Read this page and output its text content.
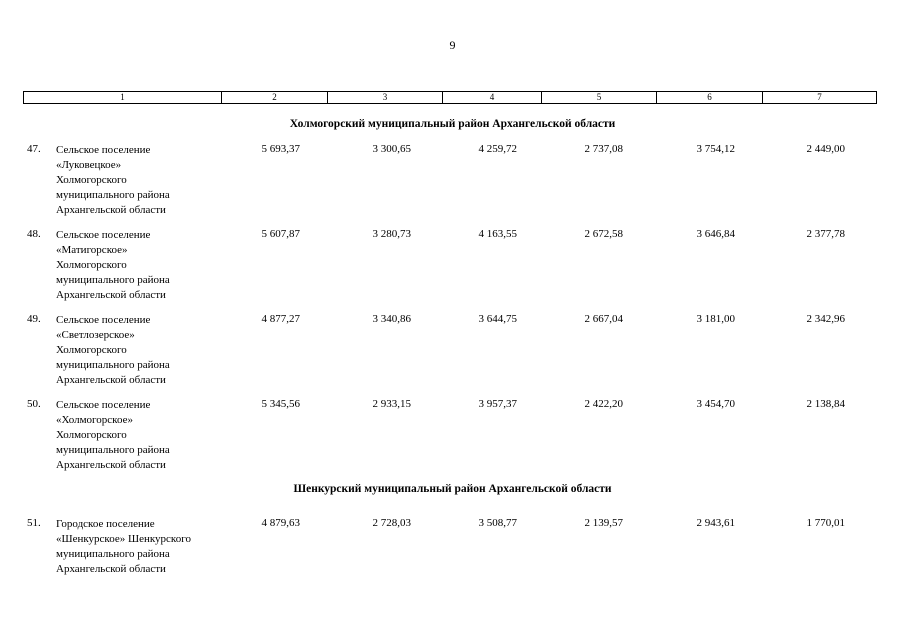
9
1	2	3	4	5	6	7
Холмогорский муниципальный район Архангельской области
47. Сельское поселение
«Луковецкое»
Холмогорского
муниципального района
Архангельской области
5 693,37	3 300,65	4 259,72	2 737,08	3 754,12	2 449,00
48. Сельское поселение
«Матигорское»
Холмогорского
муниципального района
Архангельской области
5 607,87	3 280,73	4 163,55	2 672,58	3 646,84	2 377,78
49. Сельское поселение
«Светлозерское»
Холмогорского
муниципального района
Архангельской области
4 877,27	3 340,86	3 644,75	2 667,04	3 181,00	2 342,96
50. Сельское поселение
«Холмогорское»
Холмогорского
муниципального района
Архангельской области
5 345,56	2 933,15	3 957,37	2 422,20	3 454,70	2 138,84
Шенкурский муниципальный район Архангельской области
51. Городское поселение
«Шенкурское» Шенкурского
муниципального района
Архангельской области
4 879,63	2 728,03	3 508,77	2 139,57	2 943,61	1 770,01
